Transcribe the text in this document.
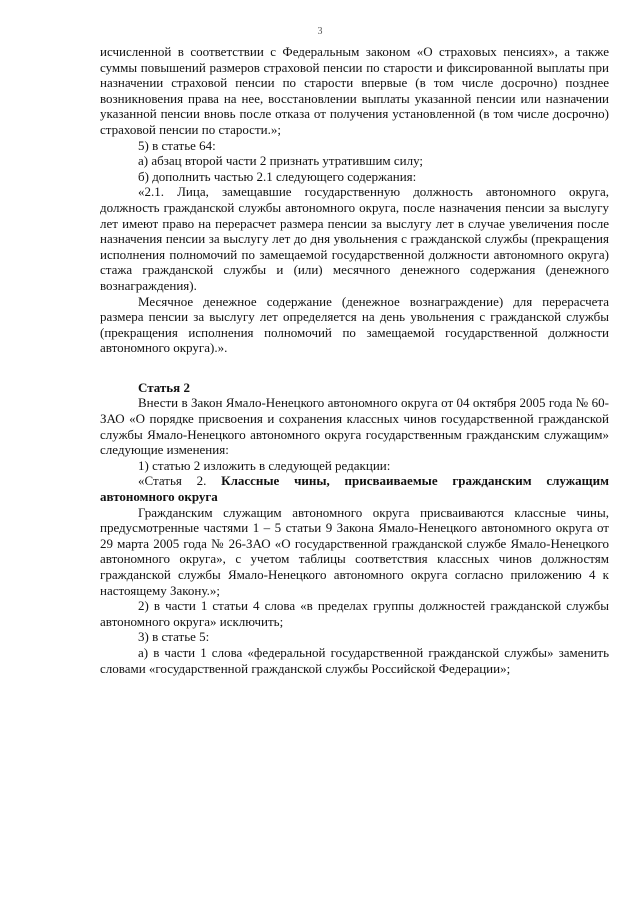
3

исчисленной в соответствии с Федеральным законом «О страховых пенсиях», а также суммы повышений размеров страховой пенсии по старости и фиксированной выплаты при назначении страховой пенсии по старости впервые (в том числе досрочно) позднее возникновения права на нее, восстановлении выплаты указанной пенсии или назначении указанной пенсии вновь после отказа от получения установленной (в том числе досрочно) страховой пенсии по старости.»;

5) в статье 64:

а) абзац второй части 2 признать утратившим силу;

б) дополнить частью 2.1 следующего содержания:

«2.1. Лица, замещавшие государственную должность автономного округа, должность гражданской службы автономного округа, после назначения пенсии за выслугу лет имеют право на перерасчет размера пенсии за выслугу лет в случае увеличения после назначения пенсии за выслугу лет до дня увольнения с гражданской службы (прекращения исполнения полномочий по замещаемой государственной должности автономного округа) стажа гражданской службы и (или) месячного денежного содержания (денежного вознаграждения).

Месячное денежное содержание (денежное вознаграждение) для перерасчета размера пенсии за выслугу лет определяется на день увольнения с гражданской службы (прекращения исполнения полномочий по замещаемой государственной должности автономного округа).».

Статья 2

Внести в Закон Ямало-Ненецкого автономного округа от 04 октября 2005 года № 60-ЗАО «О порядке присвоения и сохранения классных чинов государственной гражданской службы Ямало-Ненецкого автономного округа государственным гражданским служащим» следующие изменения:

1) статью 2 изложить в следующей редакции:

«Статья 2. Классные чины, присваиваемые гражданским служащим автономного округа

Гражданским служащим автономного округа присваиваются классные чины, предусмотренные частями 1 – 5 статьи 9 Закона Ямало-Ненецкого автономного округа от 29 марта 2005 года № 26-ЗАО «О государственной гражданской службе Ямало-Ненецкого автономного округа», с учетом таблицы соответствия классных чинов должностям гражданской службы Ямало-Ненецкого автономного округа согласно приложению 4 к настоящему Закону.»;

2) в части 1 статьи 4 слова «в пределах группы должностей гражданской службы автономного округа» исключить;

3) в статье 5:

а) в части 1 слова «федеральной государственной гражданской службы» заменить словами «государственной гражданской службы Российской Федерации»;
